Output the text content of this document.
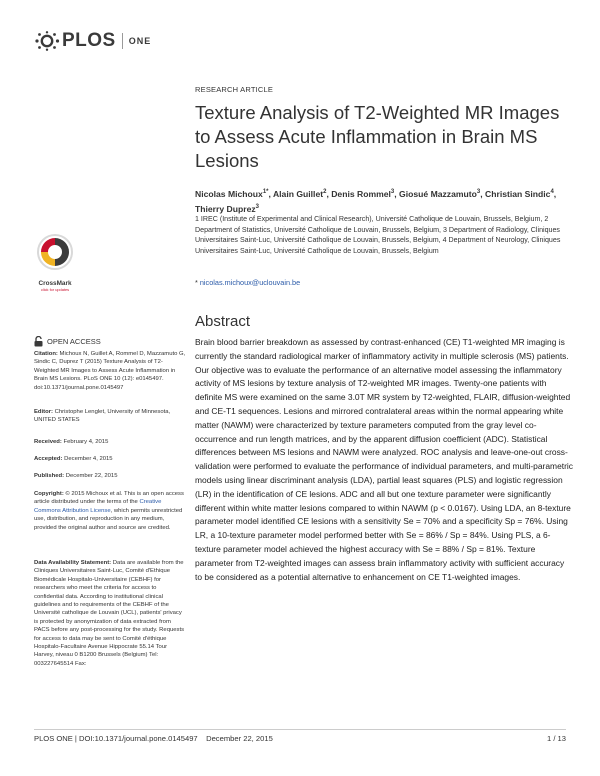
PLOS ONE
RESEARCH ARTICLE
Texture Analysis of T2-Weighted MR Images to Assess Acute Inflammation in Brain MS Lesions
Nicolas Michoux$^{1*}$, Alain Guillet$^2$, Denis Rommel$^3$, Giosué Mazzamuto$^3$, Christian Sindic$^4$, Thierry Duprez$^3$
1 IREC (Institute of Experimental and Clinical Research), Université Catholique de Louvain, Brussels, Belgium, 2 Department of Statistics, Université Catholique de Louvain, Brussels, Belgium, 3 Department of Radiology, Cliniques Universitaires Saint-Luc, Université Catholique de Louvain, Brussels, Belgium, 4 Department of Neurology, Cliniques Universitaires Saint-Luc, Université Catholique de Louvain, Brussels, Belgium
* nicolas.michoux@uclouvain.be
Abstract
Brain blood barrier breakdown as assessed by contrast-enhanced (CE) T1-weighted MR imaging is currently the standard radiological marker of inflammatory activity in multiple sclerosis (MS) patients. Our objective was to evaluate the performance of an alternative model assessing the inflammatory activity of MS lesions by texture analysis of T2-weighted MR images. Twenty-one patients with definite MS were examined on the same 3.0T MR system by T2-weighted, FLAIR, diffusion-weighted and CE-T1 sequences. Lesions and mirrored contralateral areas within the normal appearing white matter (NAWM) were characterized by texture parameters computed from the gray level co-occurrence and run length matrices, and by the apparent diffusion coefficient (ADC). Statistical differences between MS lesions and NAWM were analyzed. ROC analysis and leave-one-out cross-validation were performed to evaluate the performance of individual parameters, and multi-parametric models using linear discriminant analysis (LDA), partial least squares (PLS) and logistic regression (LR) in the identification of CE lesions. ADC and all but one texture parameter were significantly different within white matter lesions compared to within NAWM (p < 0.0167). Using LDA, an 8-texture parameter model identified CE lesions with a sensitivity Se = 70% and a specificity Sp = 76%. Using LR, a 10-texture parameter model performed better with Se = 86% / Sp = 84%. Using PLS, a 6-texture parameter model achieved the highest accuracy with Se = 88% / Sp = 81%. Texture parameter from T2-weighted images can assess brain inflammatory activity with sufficient accuracy to be considered as a potential alternative to enhancement on CE T1-weighted images.
CrossMark
click for updates
OPEN ACCESS
Citation: Michoux N, Guillet A, Rommel D, Mazzamuto G, Sindic C, Duprez T (2015) Texture Analysis of T2-Weighted MR Images to Assess Acute Inflammation in Brain MS Lesions. PLoS ONE 10 (12): e0145497. doi:10.1371/journal.pone.0145497
Editor: Christophe Lenglet, University of Minnesota, UNITED STATES
Received: February 4, 2015
Accepted: December 4, 2015
Published: December 22, 2015
Copyright: © 2015 Michoux et al. This is an open access article distributed under the terms of the Creative Commons Attribution License, which permits unrestricted use, distribution, and reproduction in any medium, provided the original author and source are credited.
Data Availability Statement: Data are available from the Cliniques Universitaires Saint-Luc, Comité d'Ethique Biomédicale Hospitalo-Universitaire (CEBHF) for researchers who meet the criteria for access to confidential data. According to institutional clinical guidelines and to requirements of the CEBHF of the Université catholique de Louvain (UCL), patients' privacy is protected by anonymization of data extracted from PACS before any post-processing for the study. Requests for access to data may be sent to Comité d'éthique Hospitalo-Facultaire Avenue Hippocrate 55.14 Tour Harvey, niveau 0 B1200 Brussels (Belgium) Tel: 003227645514 Fax:
PLOS ONE | DOI:10.1371/journal.pone.0145497    December 22, 2015	1 / 13
